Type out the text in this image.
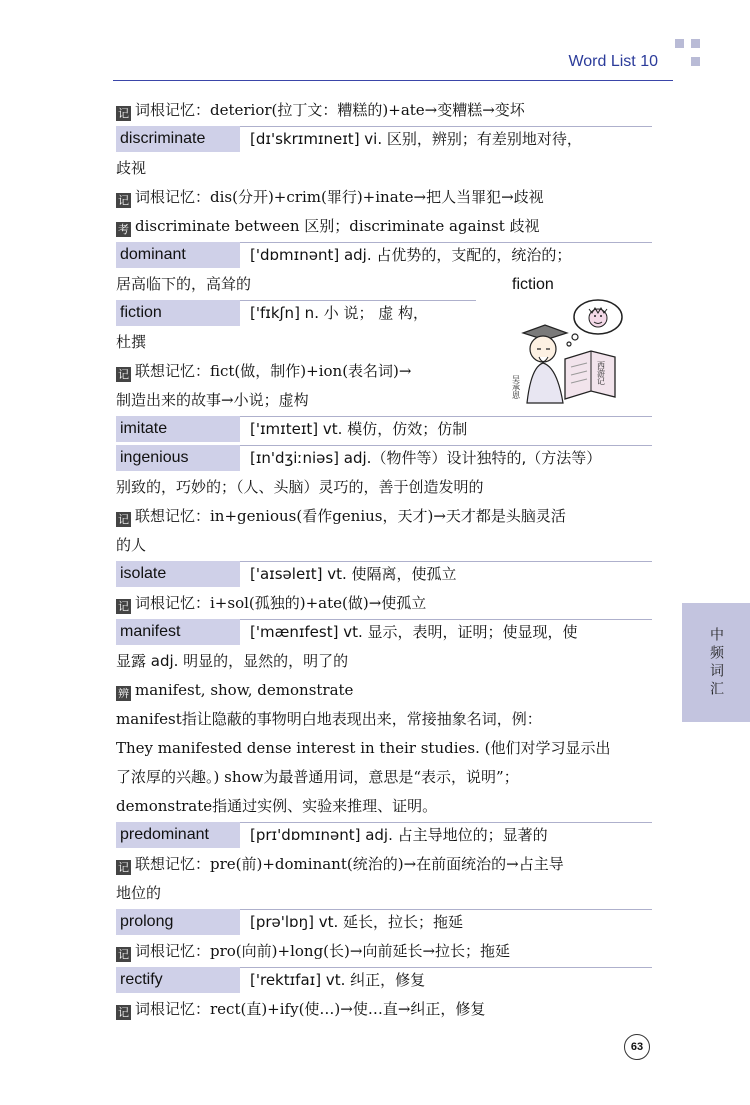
Word List 10
中频词汇
记 词根记忆：deterior(拉丁文：糟糕的)+ate→变糟糕→变坏
discriminate	[dɪ'skrɪmɪneɪt] vi. 区别，辨别；有差别地对待，
歧视
记 词根记忆：dis(分开)+crim(罪行)+inate→把人当罪犯→歧视
考 discriminate between 区别；discriminate against 歧视
dominant	['dɒmɪnənt] adj. 占优势的，支配的，统治的；
居高临下的，高耸的
fiction	['fɪkʃn] n. 小 说； 虚 构，
杜撰
记 联想记忆：fict(做，制作)+ion(表名词)→
制造出来的故事→小说；虚构
imitate	['ɪmɪteɪt] vt. 模仿，仿效；仿制
ingenious	[ɪn'dʒiːniəs] adj.（物件等）设计独特的,（方法等）
别致的，巧妙的；（人、头脑）灵巧的，善于创造发明的
记 联想记忆：in+genious(看作genius，天才)→天才都是头脑灵活
的人
isolate	['aɪsəleɪt] vt. 使隔离，使孤立
记 词根记忆：i+sol(孤独的)+ate(做)→使孤立
manifest	['mænɪfest] vt. 显示，表明，证明；使显现，使
显露 adj. 明显的，显然的，明了的
辨 manifest, show, demonstrate
manifest指让隐蔽的事物明白地表现出来，常接抽象名词，例：
They manifested dense interest in their studies. (他们对学习显示出
了浓厚的兴趣。) show为最普通用词，意思是“表示，说明”；
demonstrate指通过实例、实验来推理、证明。
predominant	[prɪ'dɒmɪnənt] adj. 占主导地位的；显著的
记 联想记忆：pre(前)+dominant(统治的)→在前面统治的→占主导
地位的
prolong	[prə'lɒŋ] vt. 延长，拉长；拖延
记 词根记忆：pro(向前)+long(长)→向前延长→拉长；拖延
rectify	['rektɪfaɪ] vt. 纠正，修复
记 词根记忆：rect(直)+ify(使…)→使…直→纠正，修复
fiction
吴承恩
西游记
63
